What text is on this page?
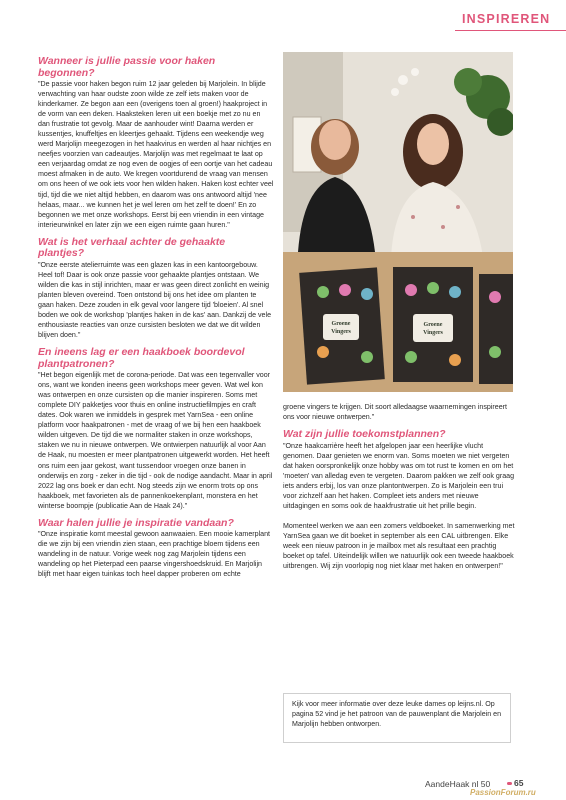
INSPIREREN
Wanneer is jullie passie voor haken begonnen?

"De passie voor haken begon ruim 12 jaar geleden bij Marjolein. In blijde verwachting van haar oudste zoon wilde ze zelf iets maken voor de kinderkamer. Ze begon aan een (overigens toen al groen!) haakproject in de vorm van een deken. Haaksteken leren uit een boekje met zo nu en dan frustratie tot gevolg. Maar de aanhouder wint! Daarna werden er kussentjes, knuffeltjes en kleertjes gehaakt. Tijdens een weekendje weg werd Marjolijn meegezogen in het haakvirus en werden al haar nichtjes en neefjes voorzien van cadeautjes. Marjolijn was met regelmaat te laat op een verjaardag omdat ze nog even de oogjes of een oortje van het cadeau moest afmaken in de auto. We kregen voortdurend de vraag van mensen om ons heen of we ook iets voor hen wilden haken. Haken kost echter veel tijd, tijd die we niet altijd hebben, en daarom was ons antwoord altijd 'nee helaas, maar... we kunnen het je wel leren om het zelf te doen!' En zo begonnen we met onze workshops. Eerst bij een vriendin in een vintage interieurwinkel en later zijn we een eigen ruimte gaan huren."

Wat is het verhaal achter de gehaakte plantjes?

"Onze eerste atelierruimte was een glazen kas in een kantoorgebouw. Heel tof! Daar is ook onze passie voor gehaakte plantjes ontstaan. We wilden die kas in stijl inrichten, maar er was geen direct zonlicht en weinig planten bleven overeind. Toen ontstond bij ons het idee om planten te gaan haken. Deze zouden in elk geval voor langere tijd 'bloeien'. Al snel boden we ook de workshop 'plantjes haken in de kas' aan. Dankzij de vele enthousiaste reacties van onze cursisten besloten we dat we dit wilden blijven doen."

En ineens lag er een haakboek boordevol plantpatronen?

"Het begon eigenlijk met de corona-periode. Dat was een tegenvaller voor ons, want we konden ineens geen workshops meer geven. Wat wel kon was ontwerpen en onze cursisten op die manier inspireren. Soms met complete DIY pakketjes voor thuis en online instructiefilmpjes en craft dates. Ook waren we inmiddels in gesprek met YarnSea - een online platform voor haakpatronen - met de vraag of we bij hen een haakboek wilden uitgeven. De tijd die we normaliter staken in onze workshops, staken we nu in nieuwe ontwerpen. We ontwierpen natuurlijk al voor Aan de Haak, nu moesten er meer plantpatronen uitgewerkt worden. Het heeft ons ruim een jaar gekost, want tussendoor vroegen onze banen in onderwijs en zorg - zeker in die tijd - ook de nodige aandacht. Maar in april 2022 lag ons boek er dan echt. Nog steeds zijn we enorm trots op ons haakboek, met favorieten als de pannenkoekenplant, monstera en het winterse boompje (publicatie Aan de Haak 24)."

Waar halen jullie je inspiratie vandaan?

"Onze inspiratie komt meestal gewoon aanwaaien. Een mooie kamerplant die we zijn bij een vriendin zien staan, een prachtige bloem tijdens een wandeling in de natuur. Vorige week nog zag Marjolein tijdens een wandeling op het Pieterpad een paarse vingershoedskruid. En Marjolijn blijft met haar eigen tuinkas toch heel dapper proberen om echte

Groene
Vingers
Groene
Vingers

groene vingers te krijgen. Dit soort alledaagse waarnemingen inspireert ons voor nieuwe ontwerpen."

Wat zijn jullie toekomstplannen?

"Onze haakcarrière heeft het afgelopen jaar een heerlijke vlucht genomen. Daar genieten we enorm van. Soms moeten we niet vergeten dat haken oorspronkelijk onze hobby was om tot rust te komen en om het 'moeten' van alledag even te vergeten. Daarom pakken we zelf ook graag iets anders erbij, los van onze plantontwerpen. Zo is Marjolein een trui voor zichzelf aan het haken. Compleet iets anders met nieuwe uitdagingen en soms ook de haakfrustratie uit het prille begin.

Momenteel werken we aan een zomers veldboeket. In samenwerking met YarnSea gaan we dit boeket in september als een CAL uitbrengen. Elke week een nieuw patroon in je mailbox met als resultaat een prachtig boeket op tafel. Uiteindelijk willen we natuurlijk ook een tweede haakboek uitbrengen. Wij zijn voorlopig nog niet klaar met haken en ontwerpen!"

Kijk voor meer informatie over deze leuke dames op leijns.nl. Op pagina 52 vind je het patroon van de pauwenplant die Marjolein en Marjolijn hebben ontworpen.
AandeHaak nl 50	65
PassionForum.ru
